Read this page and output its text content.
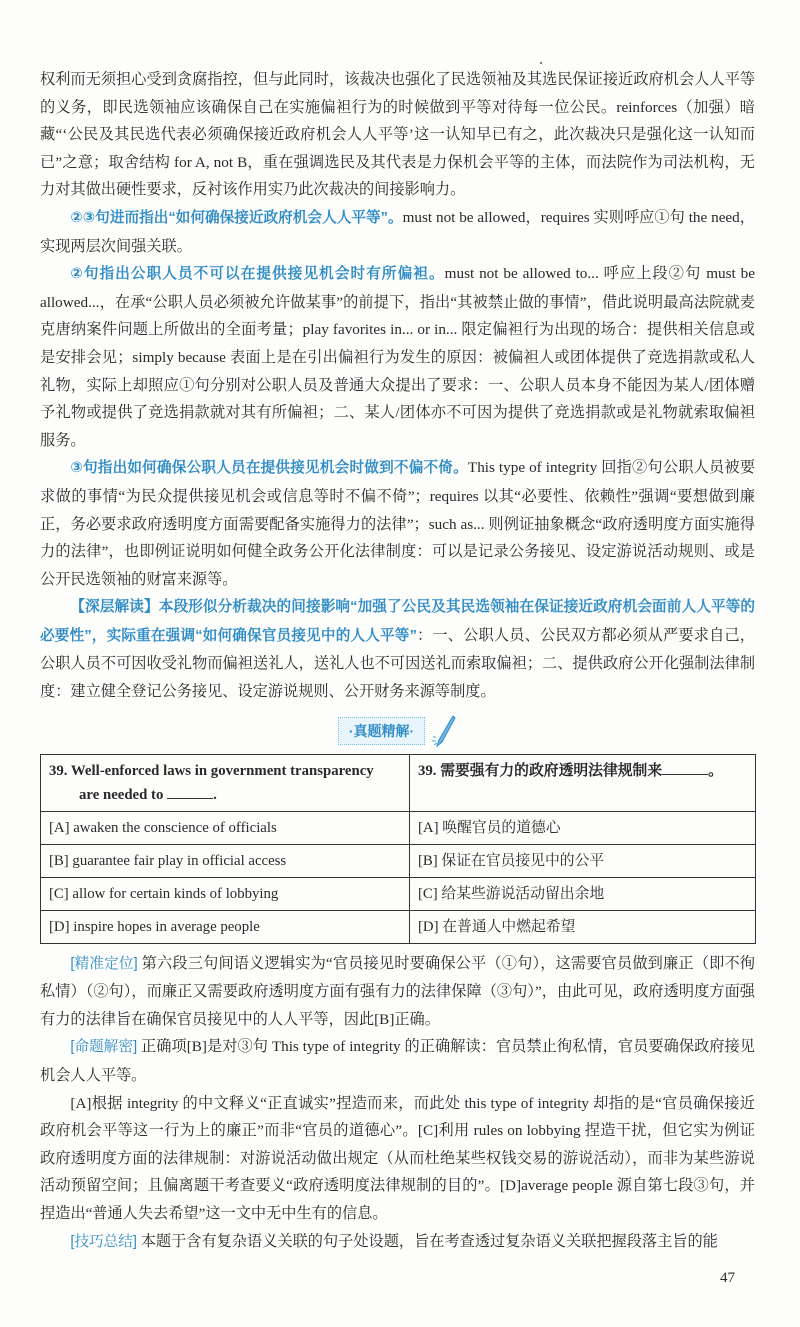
权利而无须担心受到贪腐指控，但与此同时，该裁决也强化了民选领袖及其选民保证接近政府机会人人平等的义务，即民选领袖应该确保自己在实施偏袒行为的时候做到平等对待每一位公民。reinforces（加强）暗藏“‘公民及其民选代表必须确保接近政府机会人人平等’这一认知早已有之，此次裁决只是强化这一认知而已”之意；取舍结构 for A, not B，重在强调选民及其代表是力保机会平等的主体，而法院作为司法机构，无力对其做出硬性要求，反衬该作用实乃此次裁决的间接影响力。

②③句进而指出“如何确保接近政府机会人人平等”。must not be allowed，requires 实则呼应①句 the need，实现两层次间强关联。

②句指出公职人员不可以在提供接见机会时有所偏袒。must not be allowed to... 呼应上段②句 must be allowed...，在承“公职人员必须被允许做某事”的前提下，指出“其被禁止做的事情”，借此说明最高法院就麦克唐纳案件问题上所做出的全面考量；play favorites in... or in... 限定偏袒行为出现的场合：提供相关信息或是安排会见；simply because 表面上是在引出偏袒行为发生的原因：被偏袒人或团体提供了竞选捐款或私人礼物，实际上却照应①句分别对公职人员及普通大众提出了要求：一、公职人员本身不能因为某人/团体赠予礼物或提供了竞选捐款就对其有所偏袒；二、某人/团体亦不可因为提供了竞选捐款或是礼物就索取偏袒服务。

③句指出如何确保公职人员在提供接见机会时做到不偏不倚。This type of integrity 回指②句公职人员被要求做的事情“为民众提供接见机会或信息等时不偏不倚”；requires 以其“必要性、依赖性”强调“要想做到廉正，务必要求政府透明度方面需要配备实施得力的法律”；such as... 则例证抽象概念“政府透明度方面实施得力的法律”，也即例证说明如何健全政务公开化法律制度：可以是记录公务接见、设定游说活动规则、或是公开民选领袖的财富来源等。

【深层解读】本段形似分析裁决的间接影响“加强了公民及其民选领袖在保证接近政府机会面前人人平等的必要性”，实际重在强调“如何确保官员接见中的人人平等”：一、公职人员、公民双方都必须从严要求自己，公职人员不可因收受礼物而偏袒送礼人，送礼人也不可因送礼而索取偏袒；二、提供政府公开化强制法律制度：建立健全登记公务接见、设定游说规则、公开财务来源等制度。

·真题精解·
39. Well-enforced laws in government transparency
are needed to .	39. 需要强有力的政府透明法律规制来 。
[A] awaken the conscience of officials	[A] 唤醒官员的道德心
[B] guarantee fair play in official access	[B] 保证在官员接见中的公平
[C] allow for certain kinds of lobbying	[C] 给某些游说活动留出余地
[D] inspire hopes in average people	[D] 在普通人中燃起希望

[精准定位] 第六段三句间语义逻辑实为“官员接见时要确保公平（①句），这需要官员做到廉正（即不徇私情）（②句），而廉正又需要政府透明度方面有强有力的法律保障（③句）”，由此可见，政府透明度方面强有力的法律旨在确保官员接见中的人人平等，因此[B]正确。

[命题解密] 正确项[B]是对③句 This type of integrity 的正确解读：官员禁止徇私情，官员要确保政府接见机会人人平等。

[A]根据 integrity 的中文释义“正直诚实”捏造而来，而此处 this type of integrity 却指的是“官员确保接近政府机会平等这一行为上的廉正”而非“官员的道德心”。[C]利用 rules on lobbying 捏造干扰，但它实为例证政府透明度方面的法律规制：对游说活动做出规定（从而杜绝某些权钱交易的游说活动），而非为某些游说活动预留空间；且偏离题干考查要义“政府透明度法律规制的目的”。[D]average people 源自第七段③句，并捏造出“普通人失去希望”这一文中无中生有的信息。

[技巧总结] 本题于含有复杂语义关联的句子处设题，旨在考查透过复杂语义关联把握段落主旨的能

47
